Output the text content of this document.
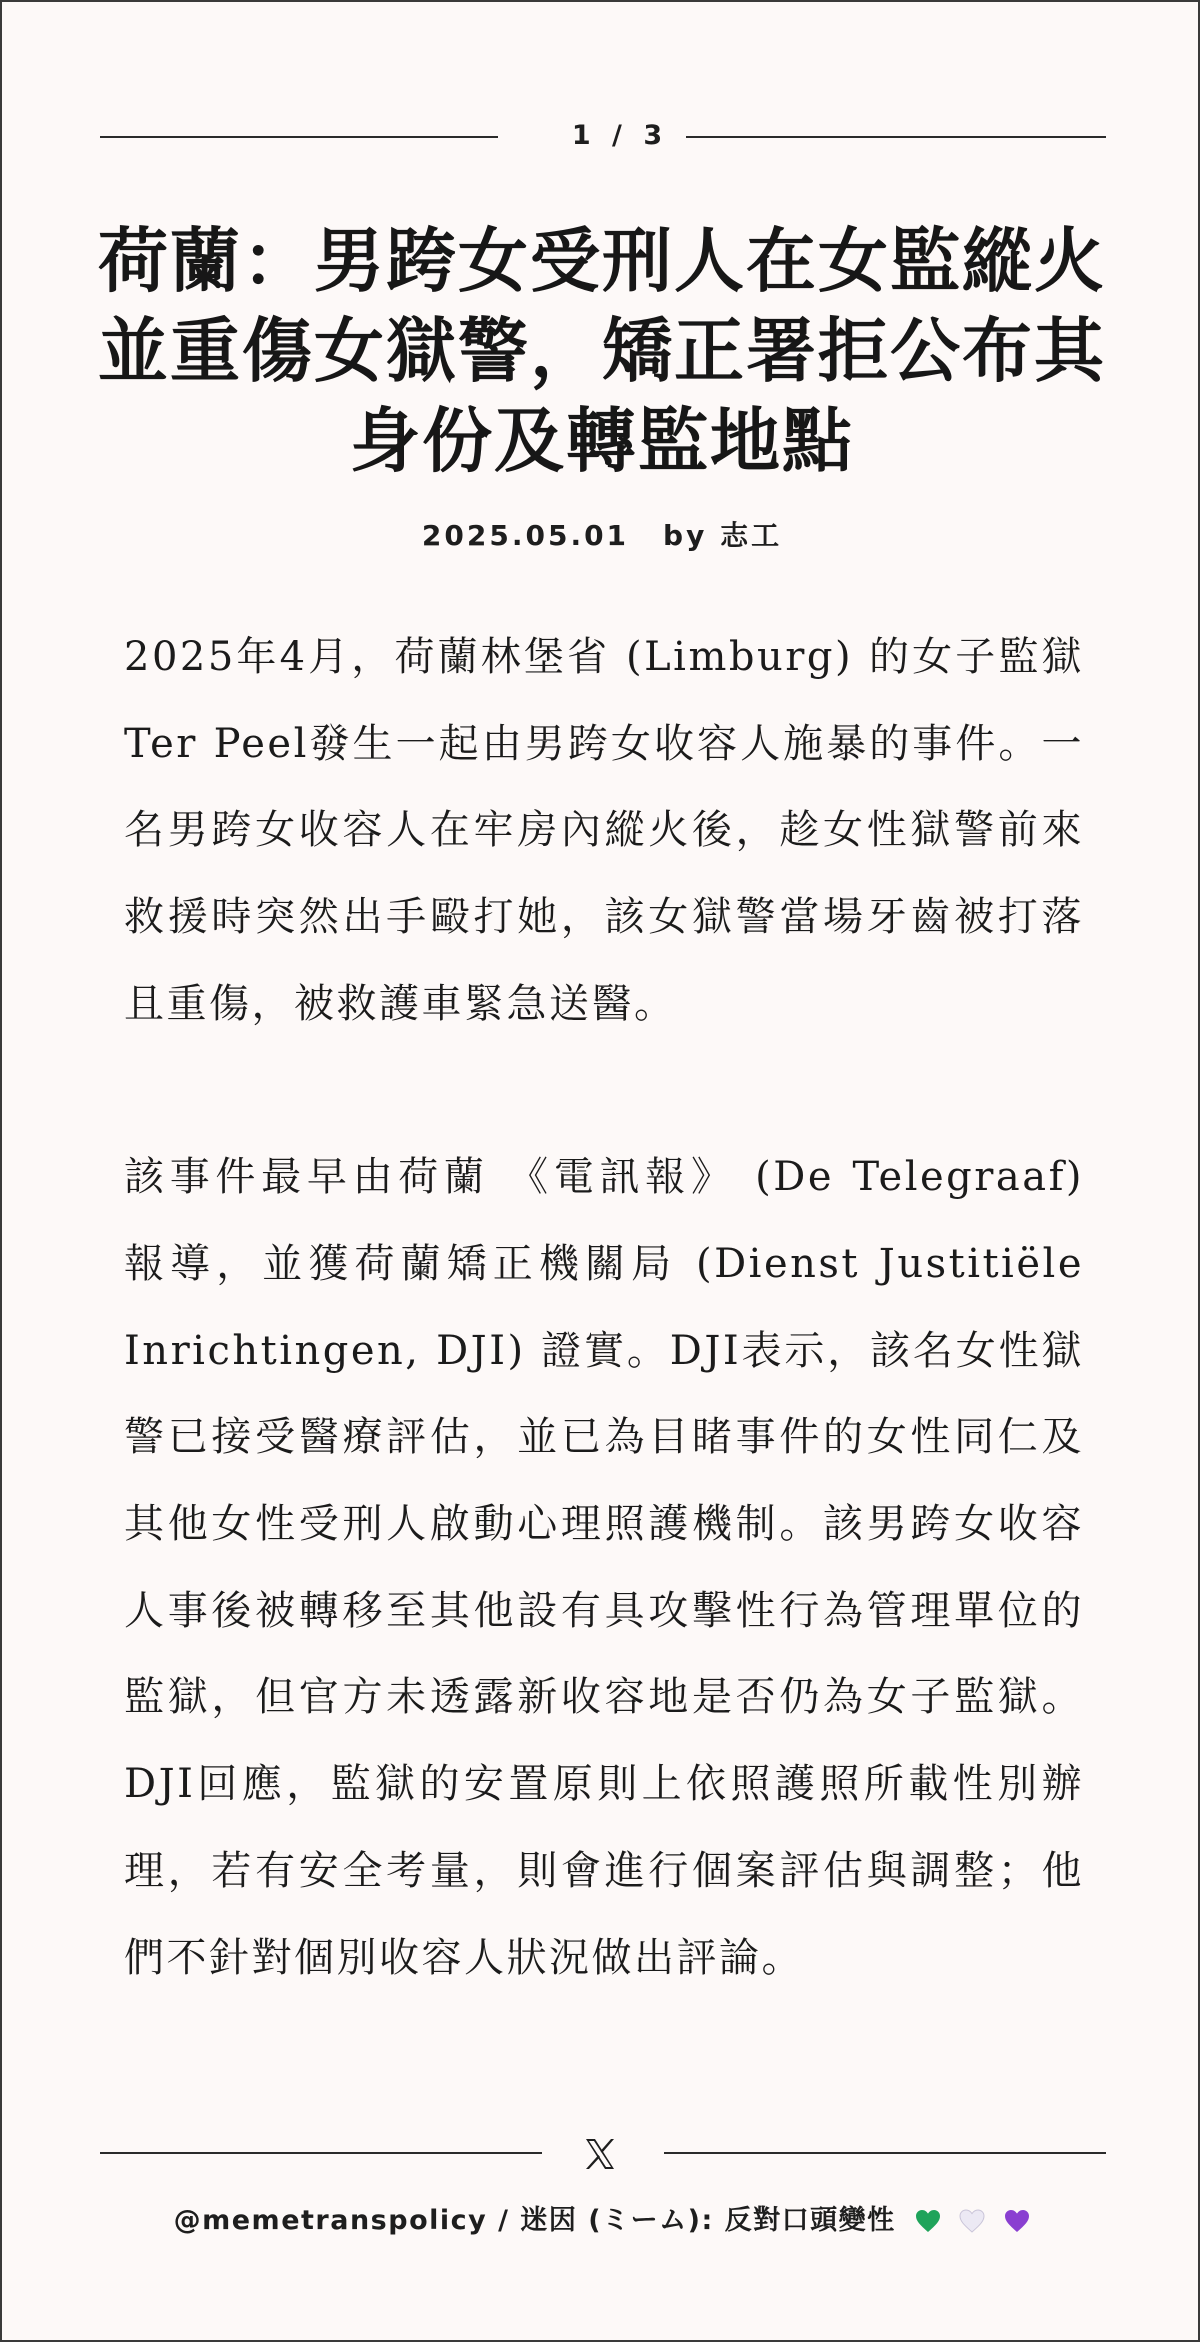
1 / 3
荷蘭：男跨女受刑人在女監縱火並重傷女獄警，矯正署拒公布其身份及轉監地點
2025.05.01 by 志工

2025年4月，荷蘭林堡省 (Limburg) 的女子監獄Ter Peel發生一起由男跨女收容人施暴的事件。一名男跨女收容人在牢房內縱火後，趁女性獄警前來救援時突然出手毆打她，該女獄警當場牙齒被打落且重傷，被救護車緊急送醫。

該事件最早由荷蘭 《電訊報》 (De Telegraaf) 報導，並獲荷蘭矯正機關局 (Dienst Justitiële Inrichtingen, DJI) 證實。DJI表示，該名女性獄警已接受醫療評估，並已為目睹事件的女性同仁及其他女性受刑人啟動心理照護機制。該男跨女收容人事後被轉移至其他設有具攻擊性行為管理單位的監獄，但官方未透露新收容地是否仍為女子監獄。DJI回應，監獄的安置原則上依照護照所載性別辦理，若有安全考量，則會進行個案評估與調整；他們不針對個別收容人狀況做出評論。

@memetranspolicy / 迷因 (ミーム): 反對口頭變性
